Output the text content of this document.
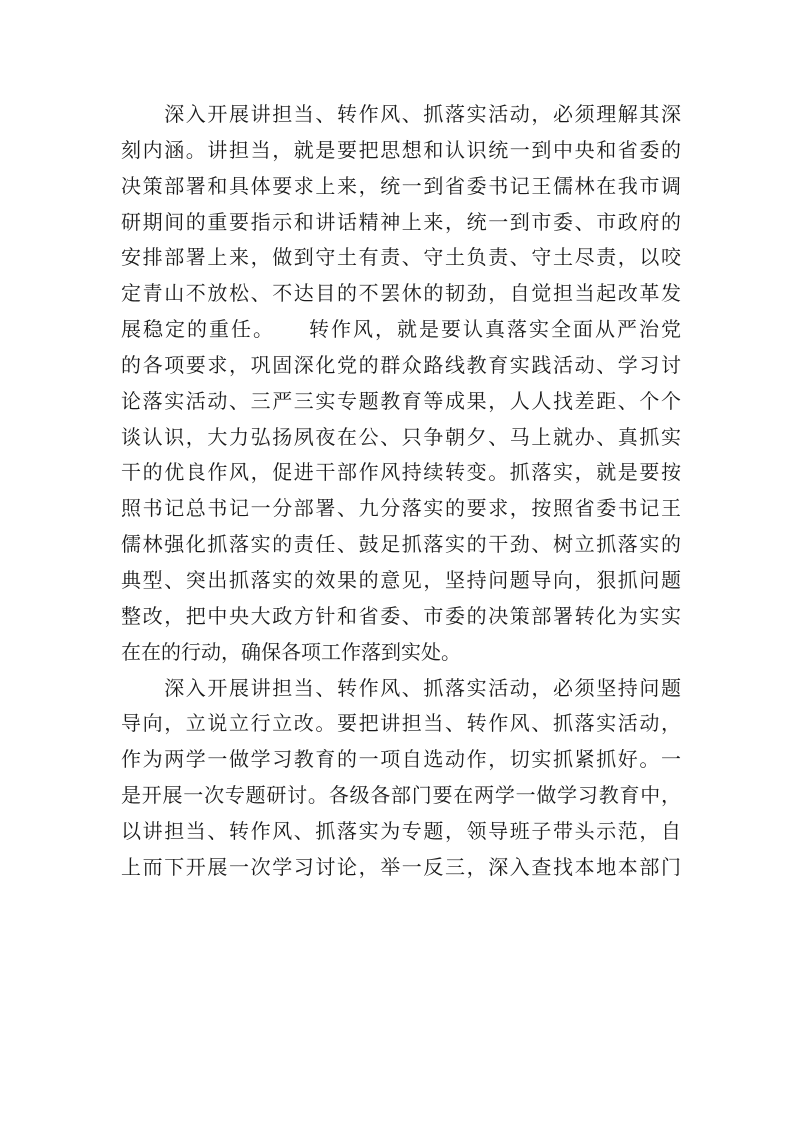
　　深入开展讲担当、转作风、抓落实活动，必须理解其深
刻内涵。讲担当，就是要把思想和认识统一到中央和省委的
决策部署和具体要求上来，统一到省委书记王儒林在我市调
研期间的重要指示和讲话精神上来，统一到市委、市政府的
安排部署上来，做到守土有责、守土负责、守土尽责，以咬
定青山不放松、不达目的不罢休的韧劲，自觉担当起改革发
展稳定的重任。　　转作风，就是要认真落实全面从严治党
的各项要求，巩固深化党的群众路线教育实践活动、学习讨
论落实活动、三严三实专题教育等成果，人人找差距、个个
谈认识，大力弘扬夙夜在公、只争朝夕、马上就办、真抓实
干的优良作风，促进干部作风持续转变。抓落实，就是要按
照书记总书记一分部署、九分落实的要求，按照省委书记王
儒林强化抓落实的责任、鼓足抓落实的干劲、树立抓落实的
典型、突出抓落实的效果的意见，坚持问题导向，狠抓问题
整改，把中央大政方针和省委、市委的决策部署转化为实实
在在的行动，确保各项工作落到实处。
　　深入开展讲担当、转作风、抓落实活动，必须坚持问题
导向，立说立行立改。要把讲担当、转作风、抓落实活动，
作为两学一做学习教育的一项自选动作，切实抓紧抓好。一
是开展一次专题研讨。各级各部门要在两学一做学习教育中，
以讲担当、转作风、抓落实为专题，领导班子带头示范，自
上而下开展一次学习讨论，举一反三，深入查找本地本部门
